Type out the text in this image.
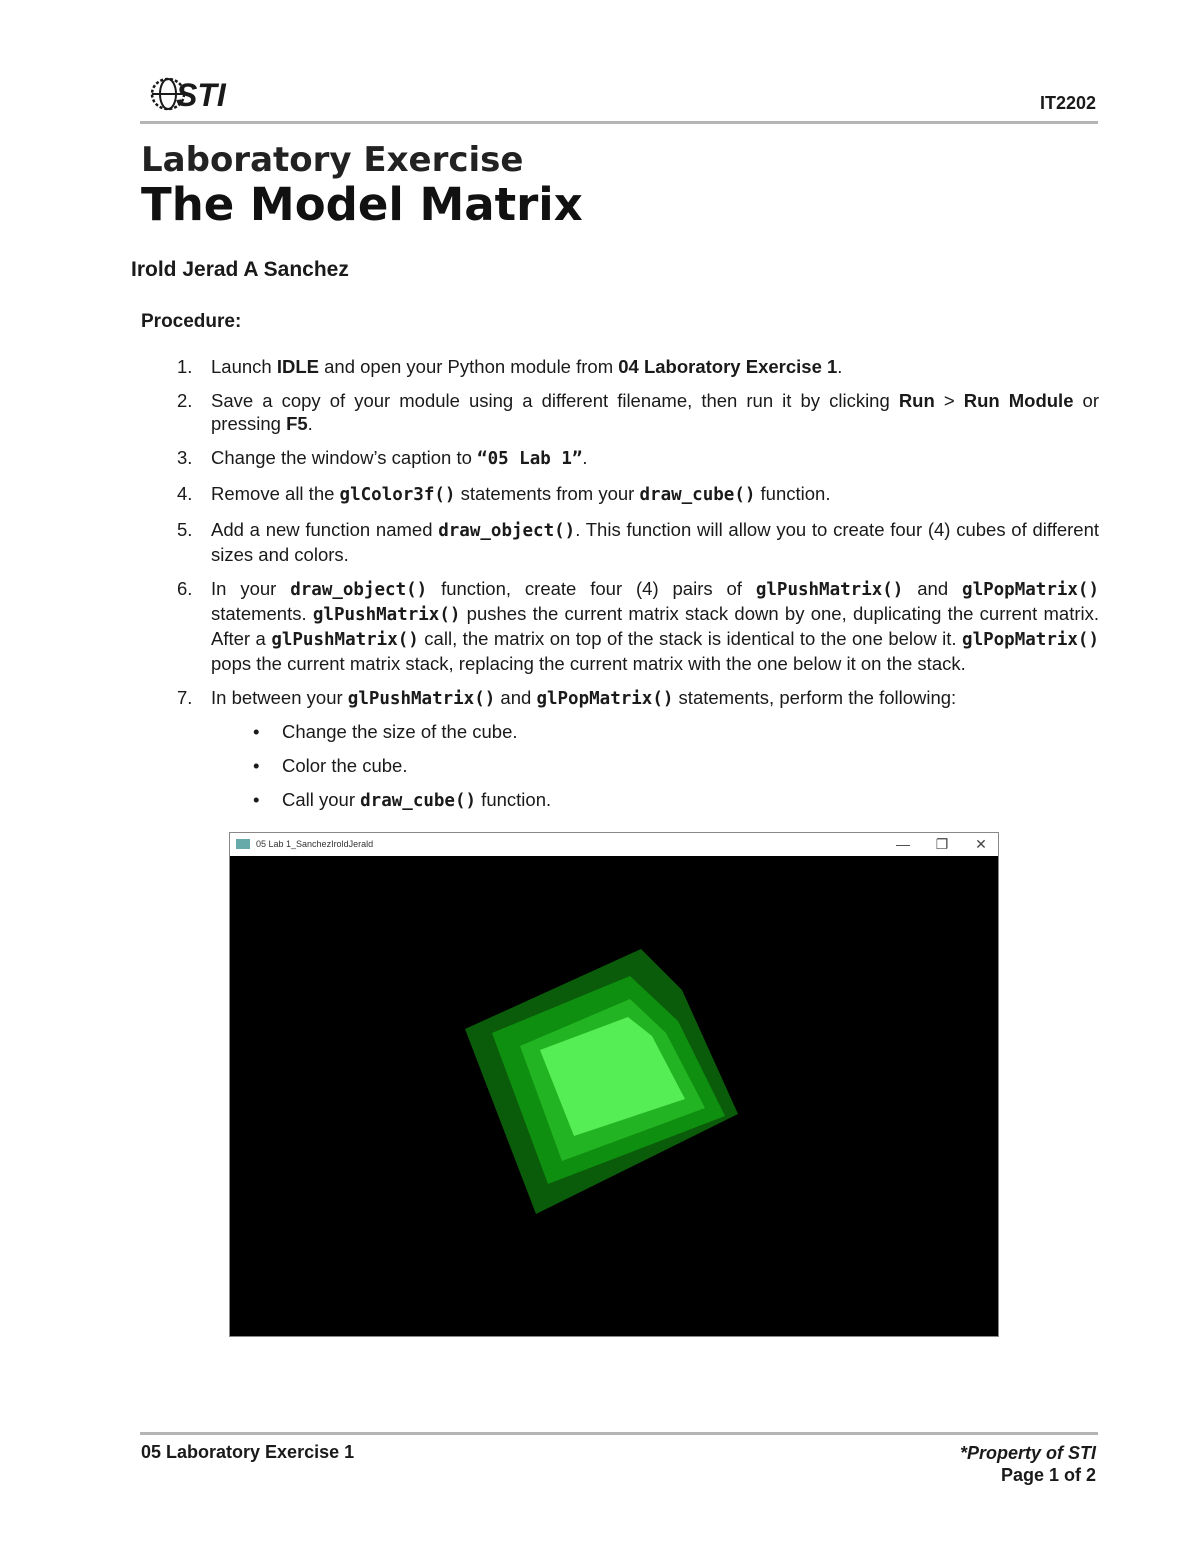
STI	IT2202
Laboratory Exercise
The Model Matrix
Irold Jerad A Sanchez
Procedure:
1. Launch IDLE and open your Python module from 04 Laboratory Exercise 1.
2. Save a copy of your module using a different filename, then run it by clicking Run > Run Module or pressing F5.
3. Change the window’s caption to “05 Lab 1”.
4. Remove all the glColor3f() statements from your draw_cube() function.
5. Add a new function named draw_object(). This function will allow you to create four (4) cubes of different sizes and colors.
6. In your draw_object() function, create four (4) pairs of glPushMatrix() and glPopMatrix() statements. glPushMatrix() pushes the current matrix stack down by one, duplicating the current matrix. After a glPushMatrix() call, the matrix on top of the stack is identical to the one below it. glPopMatrix() pops the current matrix stack, replacing the current matrix with the one below it on the stack.
7. In between your glPushMatrix() and glPopMatrix() statements, perform the following:
• Change the size of the cube.
• Color the cube.
• Call your draw_cube() function.
05 Lab 1_SanchezIroldJerald	— ❐ ✕
05 Laboratory Exercise 1	*Property of STI
Page 1 of 2
